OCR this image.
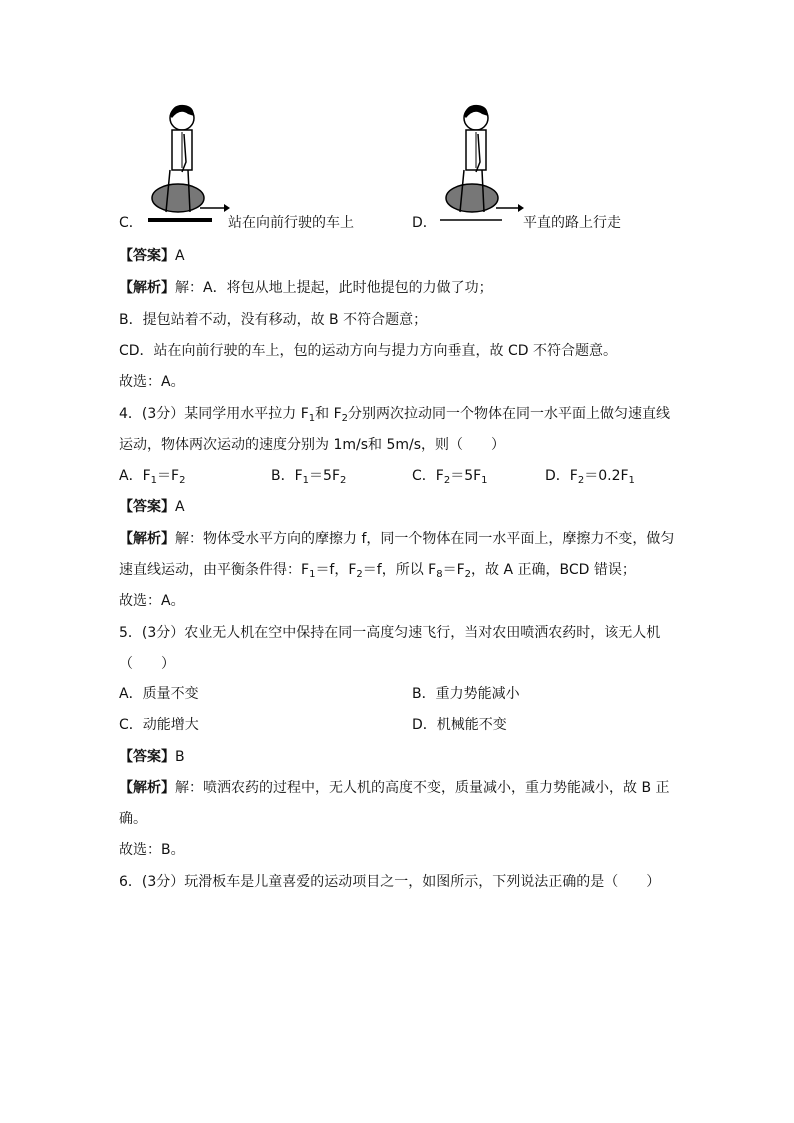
C．	站在向前行驶的车上	D．	平直的路上行走
【答案】A
【解析】解：A．将包从地上提起，此时他提包的力做了功；
B．提包站着不动，没有移动，故 B 不符合题意；
CD．站在向前行驶的车上，包的运动方向与提力方向垂直，故 CD 不符合题意。
故选：A。
4．(3分）某同学用水平拉力 $F_1$和 $F_2$分别两次拉动同一个物体在同一水平面上做匀速直线
运动，物体两次运动的速度分别为 1m/s和 5m/s，则（　　）
A．$F_1=F_2$	B．$F_1=5F_2$	C．$F_2=5F_1$	D．$F_2=0.2F_1$
【答案】A
【解析】解：物体受水平方向的摩擦力 f，同一个物体在同一水平面上，摩擦力不变，做匀
速直线运动，由平衡条件得：$F_1=f$，$F_2=f$，所以 $F_8=F_2$，故 A 正确，BCD 错误；
故选：A。
5．(3分）农业无人机在空中保持在同一高度匀速飞行，当对农田喷洒农药时，该无人机
（　　）
A．质量不变	B．重力势能减小
C．动能增大	D．机械能不变
【答案】B
【解析】解：喷洒农药的过程中，无人机的高度不变，质量减小，重力势能减小，故 B 正
确。
故选：B。
6．(3分）玩滑板车是儿童喜爱的运动项目之一，如图所示，下列说法正确的是（　　）
